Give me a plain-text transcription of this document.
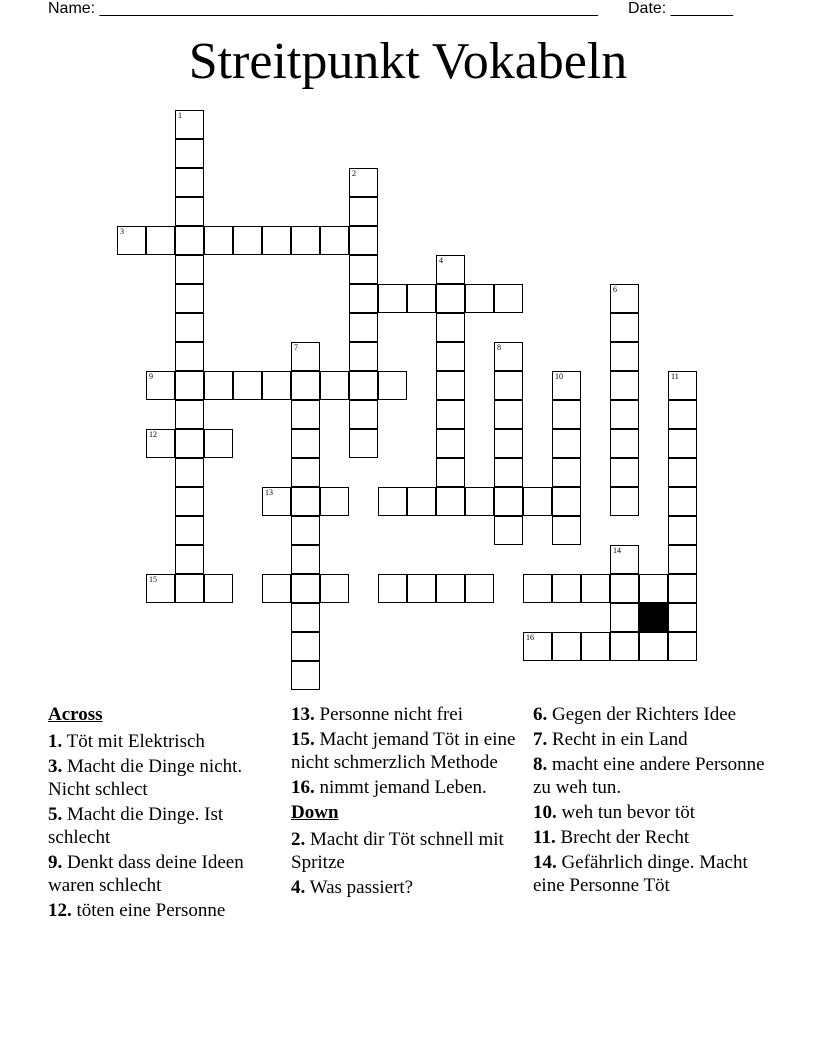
Name: ________________________________________________________ Date: _______
Streitpunkt Vokabeln
1
2
3
4
6
7	8
9	10	11
12
13
14
15
16
Across
1. Töt mit Elektrisch
3. Macht die Dinge nicht. Nicht schlect
5. Macht die Dinge. Ist schlecht
9. Denkt dass deine Ideen waren schlecht
12. töten eine Personne
13. Personne nicht frei
15. Macht jemand Töt in eine nicht schmerzlich Methode
16. nimmt jemand Leben.
Down
2. Macht dir Töt schnell mit Spritze
4. Was passiert?
6. Gegen der Richters Idee
7. Recht in ein Land
8. macht eine andere Personne zu weh tun.
10. weh tun bevor töt
11. Brecht der Recht
14. Gefährlich dinge. Macht eine Personne Töt
